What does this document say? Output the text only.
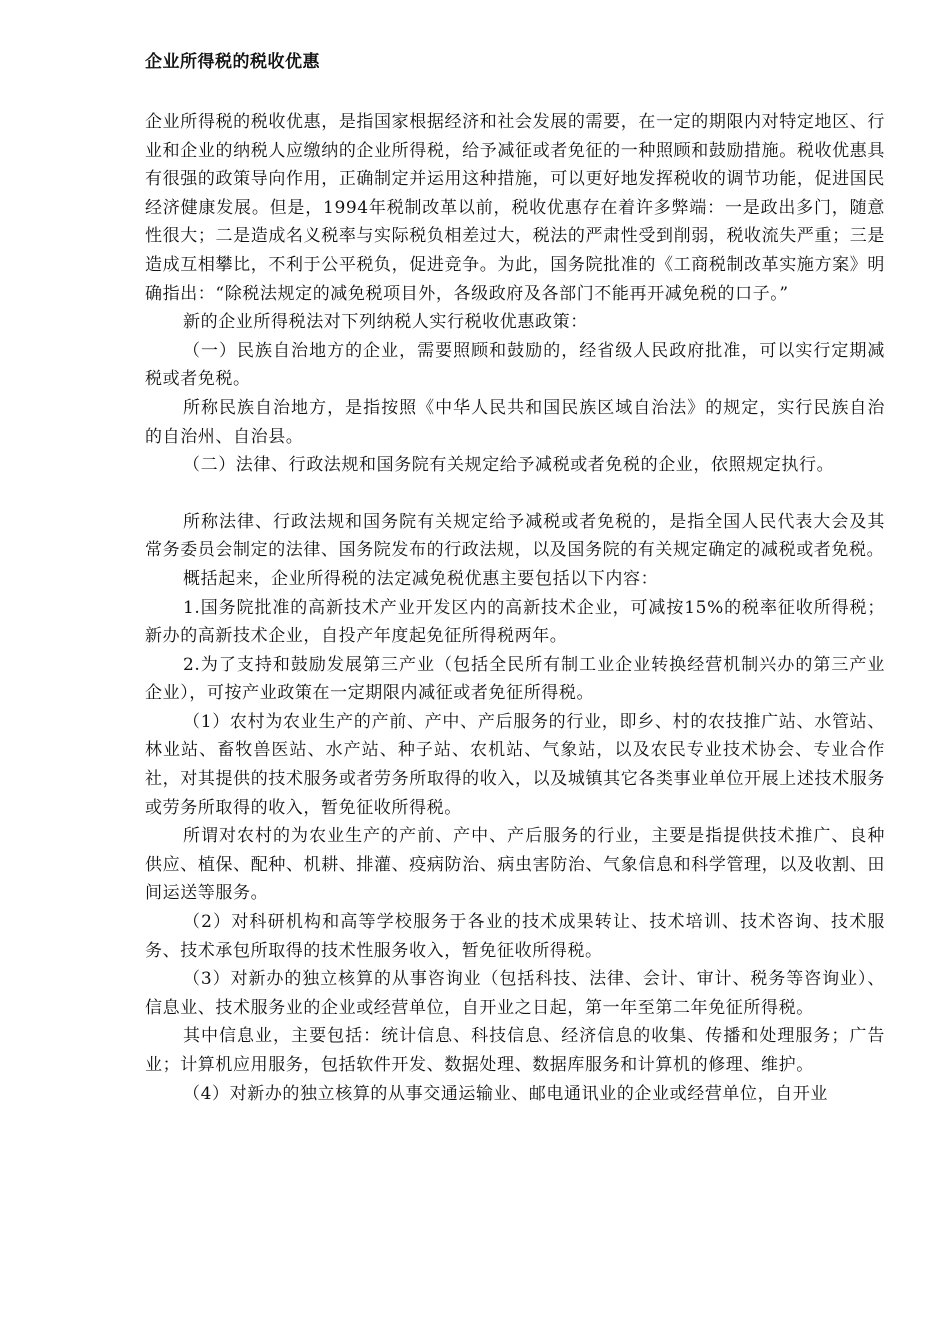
企业所得税的税收优惠

企业所得税的税收优惠，是指国家根据经济和社会发展的需要，在一定的期限内对特定地区、行业和企业的纳税人应缴纳的企业所得税，给予减征或者免征的一种照顾和鼓励措施。税收优惠具有很强的政策导向作用，正确制定并运用这种措施，可以更好地发挥税收的调节功能，促进国民经济健康发展。但是，1994年税制改革以前，税收优惠存在着许多弊端：一是政出多门，随意性很大；二是造成名义税率与实际税负相差过大，税法的严肃性受到削弱，税收流失严重；三是造成互相攀比，不利于公平税负，促进竞争。为此，国务院批准的《工商税制改革实施方案》明确指出：“除税法规定的减免税项目外，各级政府及各部门不能再开减免税的口子。”

新的企业所得税法对下列纳税人实行税收优惠政策：

（一）民族自治地方的企业，需要照顾和鼓励的，经省级人民政府批准，可以实行定期减税或者免税。

所称民族自治地方，是指按照《中华人民共和国民族区域自治法》的规定，实行民族自治的自治州、自治县。

（二）法律、行政法规和国务院有关规定给予减税或者免税的企业，依照规定执行。

所称法律、行政法规和国务院有关规定给予减税或者免税的，是指全国人民代表大会及其常务委员会制定的法律、国务院发布的行政法规，以及国务院的有关规定确定的减税或者免税。

概括起来，企业所得税的法定减免税优惠主要包括以下内容：

1.国务院批准的高新技术产业开发区内的高新技术企业，可减按15%的税率征收所得税；新办的高新技术企业，自投产年度起免征所得税两年。

2.为了支持和鼓励发展第三产业（包括全民所有制工业企业转换经营机制兴办的第三产业企业），可按产业政策在一定期限内减征或者免征所得税。

（1）农村为农业生产的产前、产中、产后服务的行业，即乡、村的农技推广站、水管站、林业站、畜牧兽医站、水产站、种子站、农机站、气象站，以及农民专业技术协会、专业合作社，对其提供的技术服务或者劳务所取得的收入，以及城镇其它各类事业单位开展上述技术服务或劳务所取得的收入，暂免征收所得税。

所谓对农村的为农业生产的产前、产中、产后服务的行业，主要是指提供技术推广、良种供应、植保、配种、机耕、排灌、疫病防治、病虫害防治、气象信息和科学管理，以及收割、田间运送等服务。

（2）对科研机构和高等学校服务于各业的技术成果转让、技术培训、技术咨询、技术服务、技术承包所取得的技术性服务收入，暂免征收所得税。

（3）对新办的独立核算的从事咨询业（包括科技、法律、会计、审计、税务等咨询业）、信息业、技术服务业的企业或经营单位，自开业之日起，第一年至第二年免征所得税。

其中信息业，主要包括：统计信息、科技信息、经济信息的收集、传播和处理服务；广告业；计算机应用服务，包括软件开发、数据处理、数据库服务和计算机的修理、维护。

（4）对新办的独立核算的从事交通运输业、邮电通讯业的企业或经营单位，自开业
